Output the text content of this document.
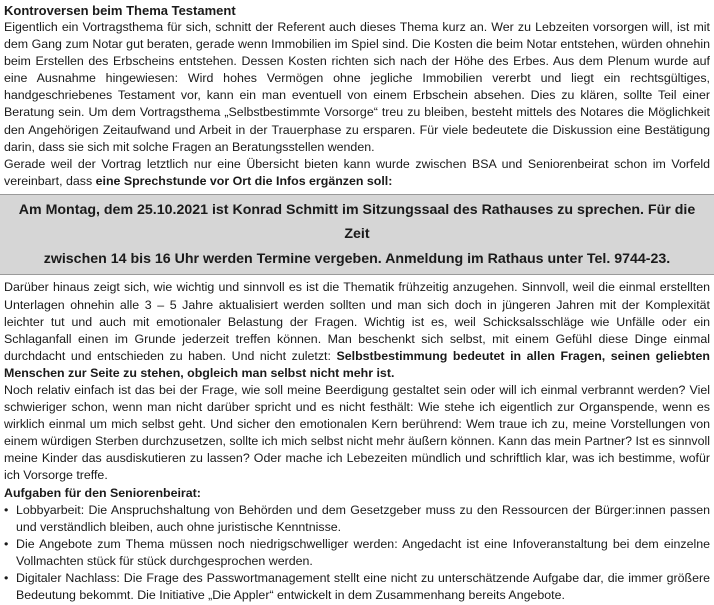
Kontroversen beim Thema Testament

Eigentlich ein Vortragsthema für sich, schnitt der Referent auch dieses Thema kurz an. Wer zu Lebzeiten vorsorgen will, ist mit dem Gang zum Notar gut beraten, gerade wenn Immobilien im Spiel sind. Die Kosten die beim Notar entstehen, würden ohnehin beim Erstellen des Erbscheins entstehen. Dessen Kosten richten sich nach der Höhe des Erbes. Aus dem Plenum wurde auf eine Ausnahme hingewiesen: Wird hohes Vermögen ohne jegliche Immobilien vererbt und liegt ein rechtsgültiges, handgeschriebenes Testament vor, kann ein man eventuell von einem Erbschein absehen. Dies zu klären, sollte Teil einer Beratung sein. Um dem Vortragsthema „Selbstbestimmte Vorsorge“ treu zu bleiben, besteht mittels des Notares die Möglichkeit den Angehörigen Zeitaufwand und Arbeit in der Trauerphase zu ersparen. Für viele bedeutete die Diskussion eine Bestätigung darin, dass sie sich mit solche Fragen an Beratungsstellen wenden.

Gerade weil der Vortrag letztlich nur eine Übersicht bieten kann wurde zwischen BSA und Seniorenbeirat schon im Vorfeld vereinbart, dass eine Sprechstunde vor Ort die Infos ergänzen soll:

Am Montag, dem 25.10.2021 ist Konrad Schmitt im Sitzungssaal des Rathauses zu sprechen. Für die Zeit
zwischen 14 bis 16 Uhr werden Termine vergeben. Anmeldung im Rathaus unter Tel. 9744-23.

Darüber hinaus zeigt sich, wie wichtig und sinnvoll es ist die Thematik frühzeitig anzugehen. Sinnvoll, weil die einmal erstellten Unterlagen ohnehin alle 3 – 5 Jahre aktualisiert werden sollten und man sich doch in jüngeren Jahren mit der Komplexität leichter tut und auch mit emotionaler Belastung der Fragen. Wichtig ist es, weil Schicksalsschläge wie Unfälle oder ein Schlaganfall einen im Grunde jederzeit treffen können. Man beschenkt sich selbst, mit einem Gefühl diese Dinge einmal durchdacht und entschieden zu haben. Und nicht zuletzt: Selbstbestimmung bedeutet in allen Fragen, seinen geliebten Menschen zur Seite zu stehen, obgleich man selbst nicht mehr ist.

Noch relativ einfach ist das bei der Frage, wie soll meine Beerdigung gestaltet sein oder will ich einmal verbrannt werden? Viel schwieriger schon, wenn man nicht darüber spricht und es nicht festhält: Wie stehe ich eigentlich zur Organspende, wenn es wirklich einmal um mich selbst geht. Und sicher den emotionalen Kern berührend: Wem traue ich zu, meine Vorstellungen von einem würdigen Sterben durchzusetzen, sollte ich mich selbst nicht mehr äußern können. Kann das mein Partner? Ist es sinnvoll meine Kinder das ausdiskutieren zu lassen? Oder mache ich Lebezeiten mündlich und schriftlich klar, was ich bestimme, wofür ich Vorsorge treffe.

Aufgaben für den Seniorenbeirat:
• Lobbyarbeit: Die Anspruchshaltung von Behörden und dem Gesetzgeber muss zu den Ressourcen der Bürger:innen passen und verständlich bleiben, auch ohne juristische Kenntnisse.
• Die Angebote zum Thema müssen noch niedrigschwelliger werden: Angedacht ist eine Infoveranstaltung bei dem einzelne Vollmachten stück für stück durchgesprochen werden.
• Digitaler Nachlass: Die Frage des Passwortmanagement stellt eine nicht zu unterschätzende Aufgabe dar, die immer größere Bedeutung bekommt. Die Initiative „Die Appler“ entwickelt in dem Zusammenhang bereits Angebote.
